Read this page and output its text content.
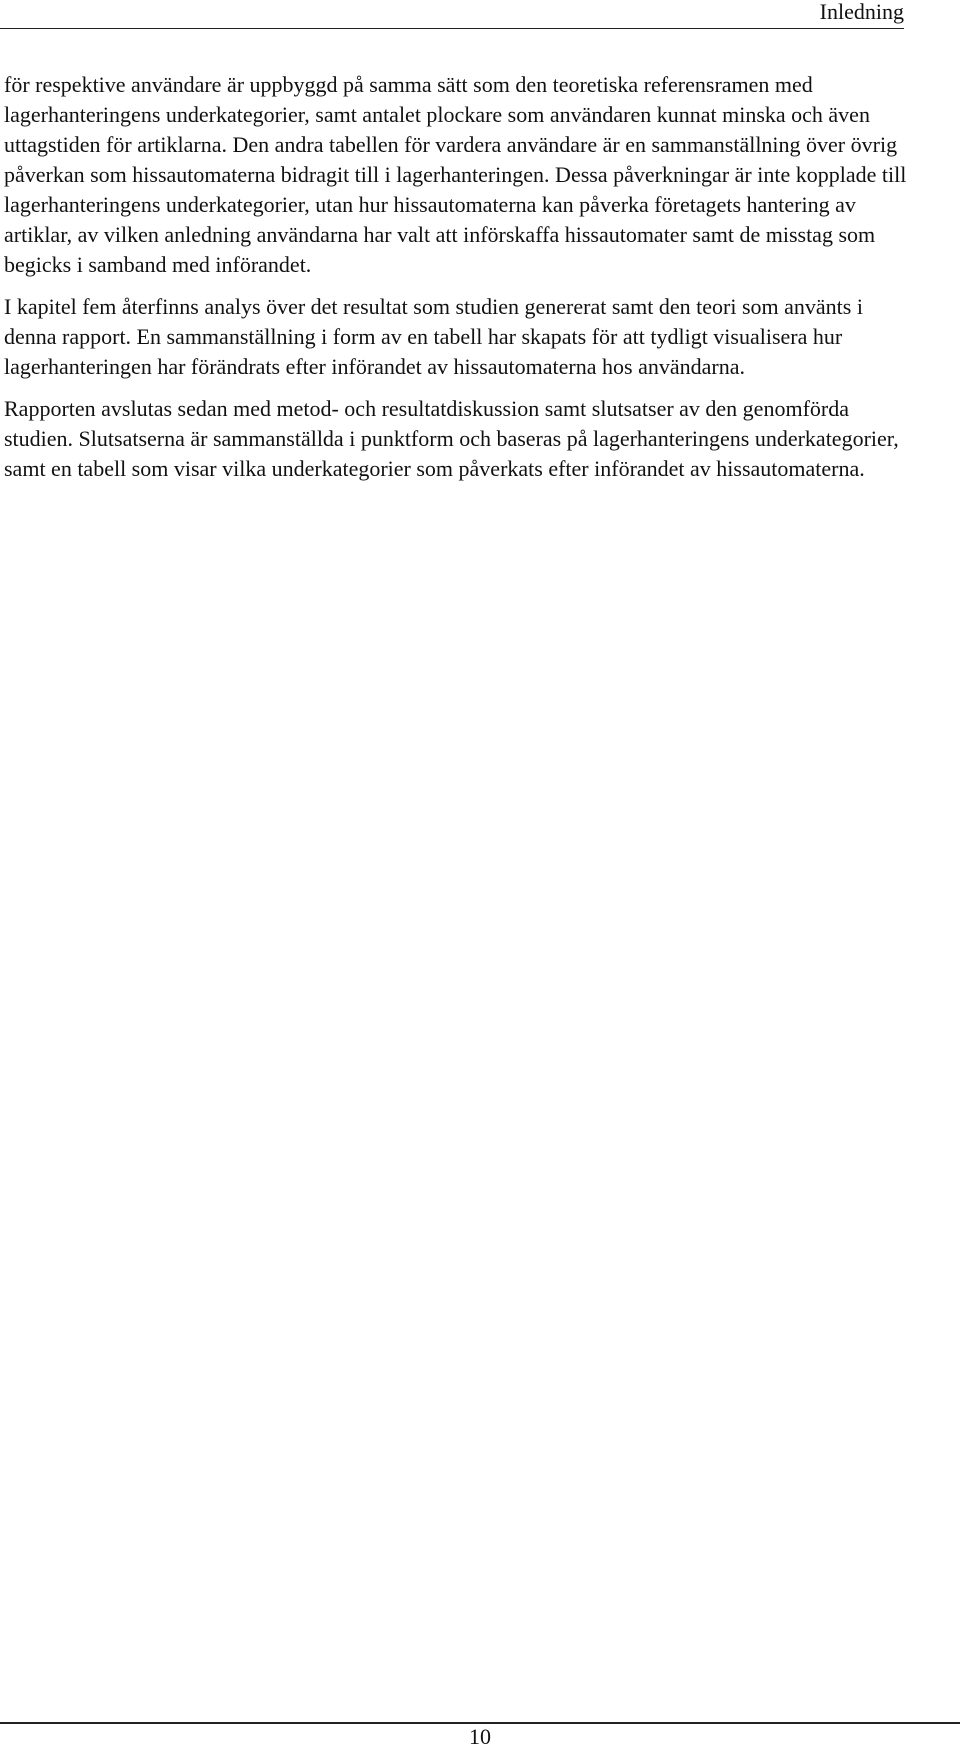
Inledning

för respektive användare är uppbyggd på samma sätt som den teoretiska referensramen med lagerhanteringens underkategorier, samt antalet plockare som användaren kunnat minska och även uttagstiden för artiklarna. Den andra tabellen för vardera användare är en sammanställning över övrig påverkan som hissautomaterna bidragit till i lagerhanteringen. Dessa påverkningar är inte kopplade till lagerhanteringens underkategorier, utan hur hissautomaterna kan påverka företagets hantering av artiklar, av vilken anledning användarna har valt att införskaffa hissautomater samt de misstag som begicks i samband med införandet.

I kapitel fem återfinns analys över det resultat som studien genererat samt den teori som använts i denna rapport. En sammanställning i form av en tabell har skapats för att tydligt visualisera hur lagerhanteringen har förändrats efter införandet av hissautomaterna hos användarna.

Rapporten avslutas sedan med metod- och resultatdiskussion samt slutsatser av den genomförda studien. Slutsatserna är sammanställda i punktform och baseras på lagerhanteringens underkategorier, samt en tabell som visar vilka underkategorier som påverkats efter införandet av hissautomaterna.

10
